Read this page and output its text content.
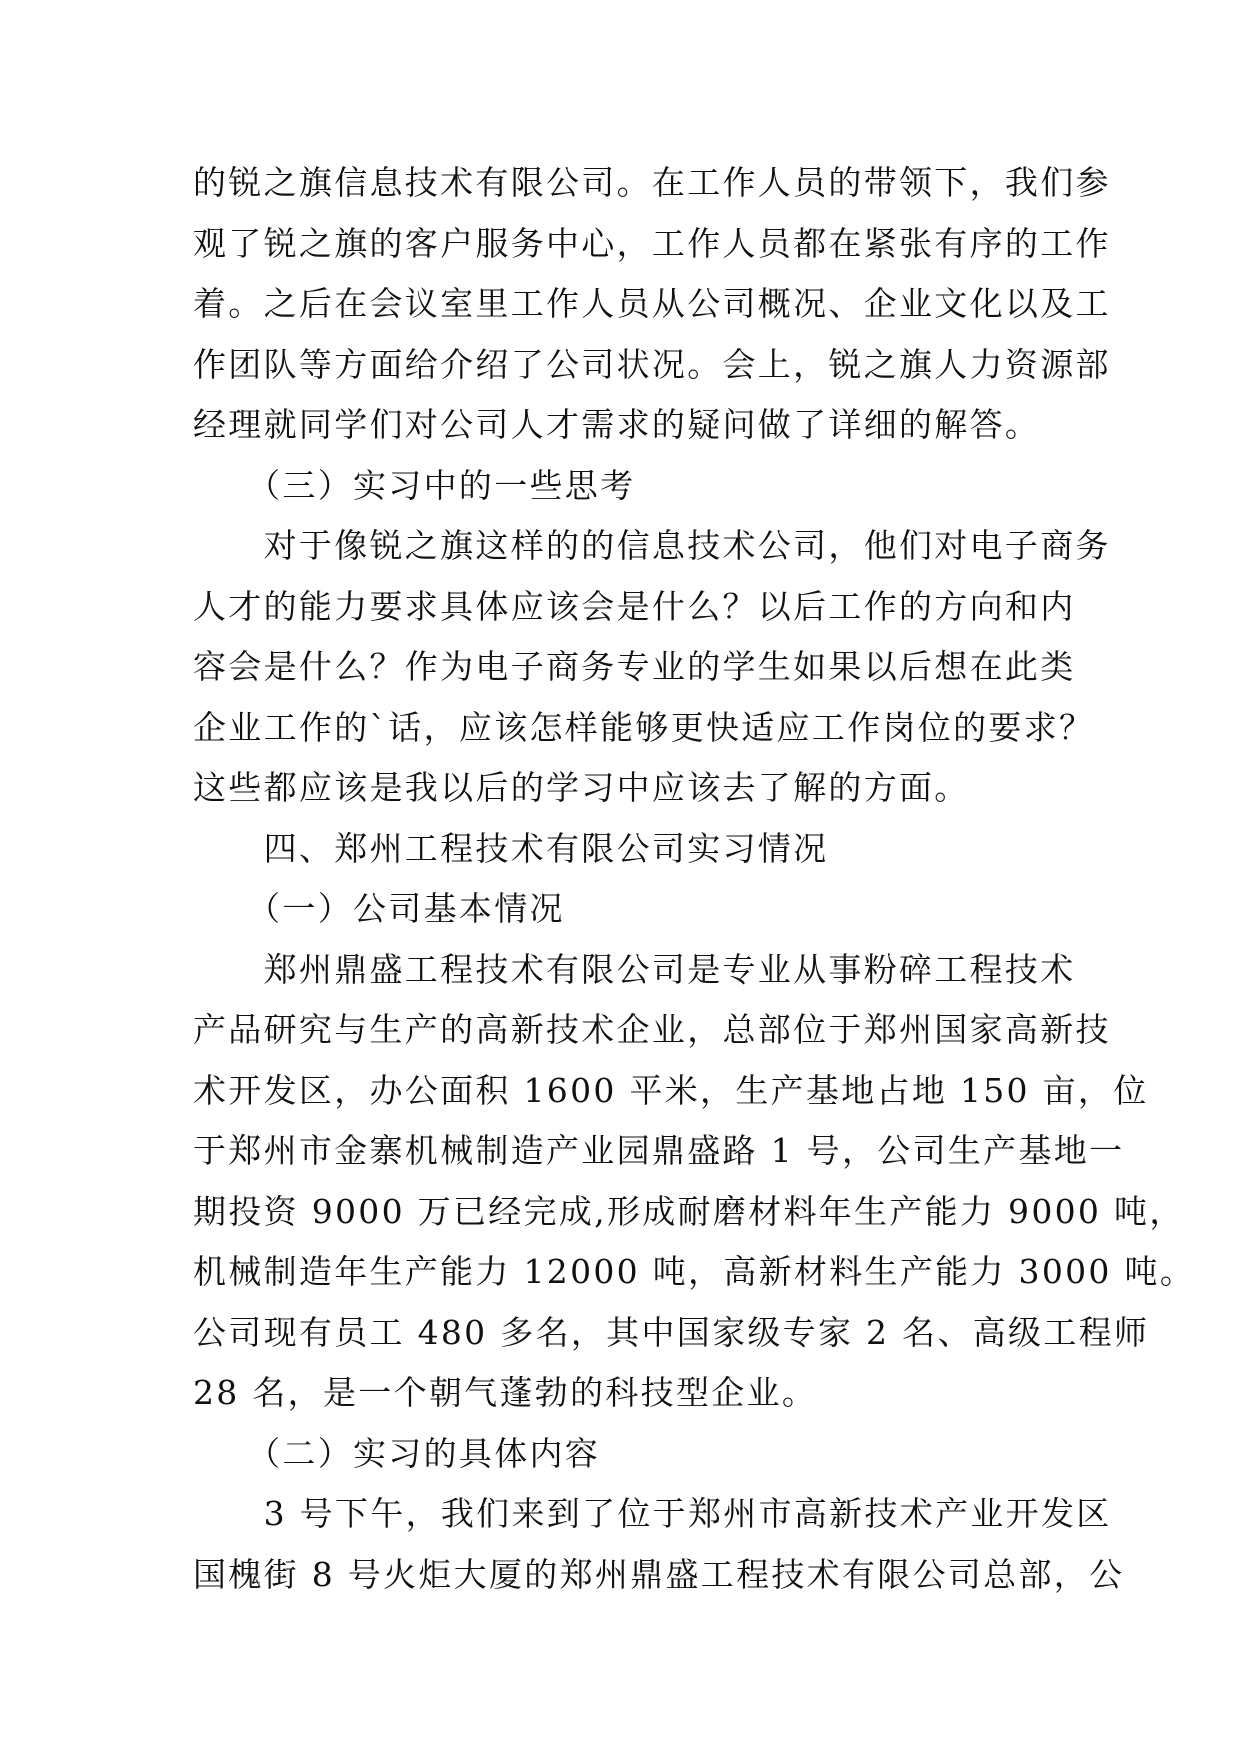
的锐之旗信息技术有限公司。在工作人员的带领下，我们参
观了锐之旗的客户服务中心，工作人员都在紧张有序的工作
着。之后在会议室里工作人员从公司概况、企业文化以及工
作团队等方面给介绍了公司状况。会上，锐之旗人力资源部
经理就同学们对公司人才需求的疑问做了详细的解答。
　　（三）实习中的一些思考
　　对于像锐之旗这样的的信息技术公司，他们对电子商务
人才的能力要求具体应该会是什么？以后工作的方向和内
容会是什么？作为电子商务专业的学生如果以后想在此类
企业工作的`话，应该怎样能够更快适应工作岗位的要求？
这些都应该是我以后的学习中应该去了解的方面。
　　四、郑州工程技术有限公司实习情况
　　（一）公司基本情况
　　郑州鼎盛工程技术有限公司是专业从事粉碎工程技术
产品研究与生产的高新技术企业，总部位于郑州国家高新技
术开发区，办公面积 1600 平米，生产基地占地 150 亩，位
于郑州市金寨机械制造产业园鼎盛路 1 号，公司生产基地一
期投资 9000 万已经完成,形成耐磨材料年生产能力 9000 吨，
机械制造年生产能力 12000 吨，高新材料生产能力 3000 吨。
公司现有员工 480 多名，其中国家级专家 2 名、高级工程师
28 名，是一个朝气蓬勃的科技型企业。
　　（二）实习的具体内容
　　3 号下午，我们来到了位于郑州市高新技术产业开发区
国槐街 8 号火炬大厦的郑州鼎盛工程技术有限公司总部，公
